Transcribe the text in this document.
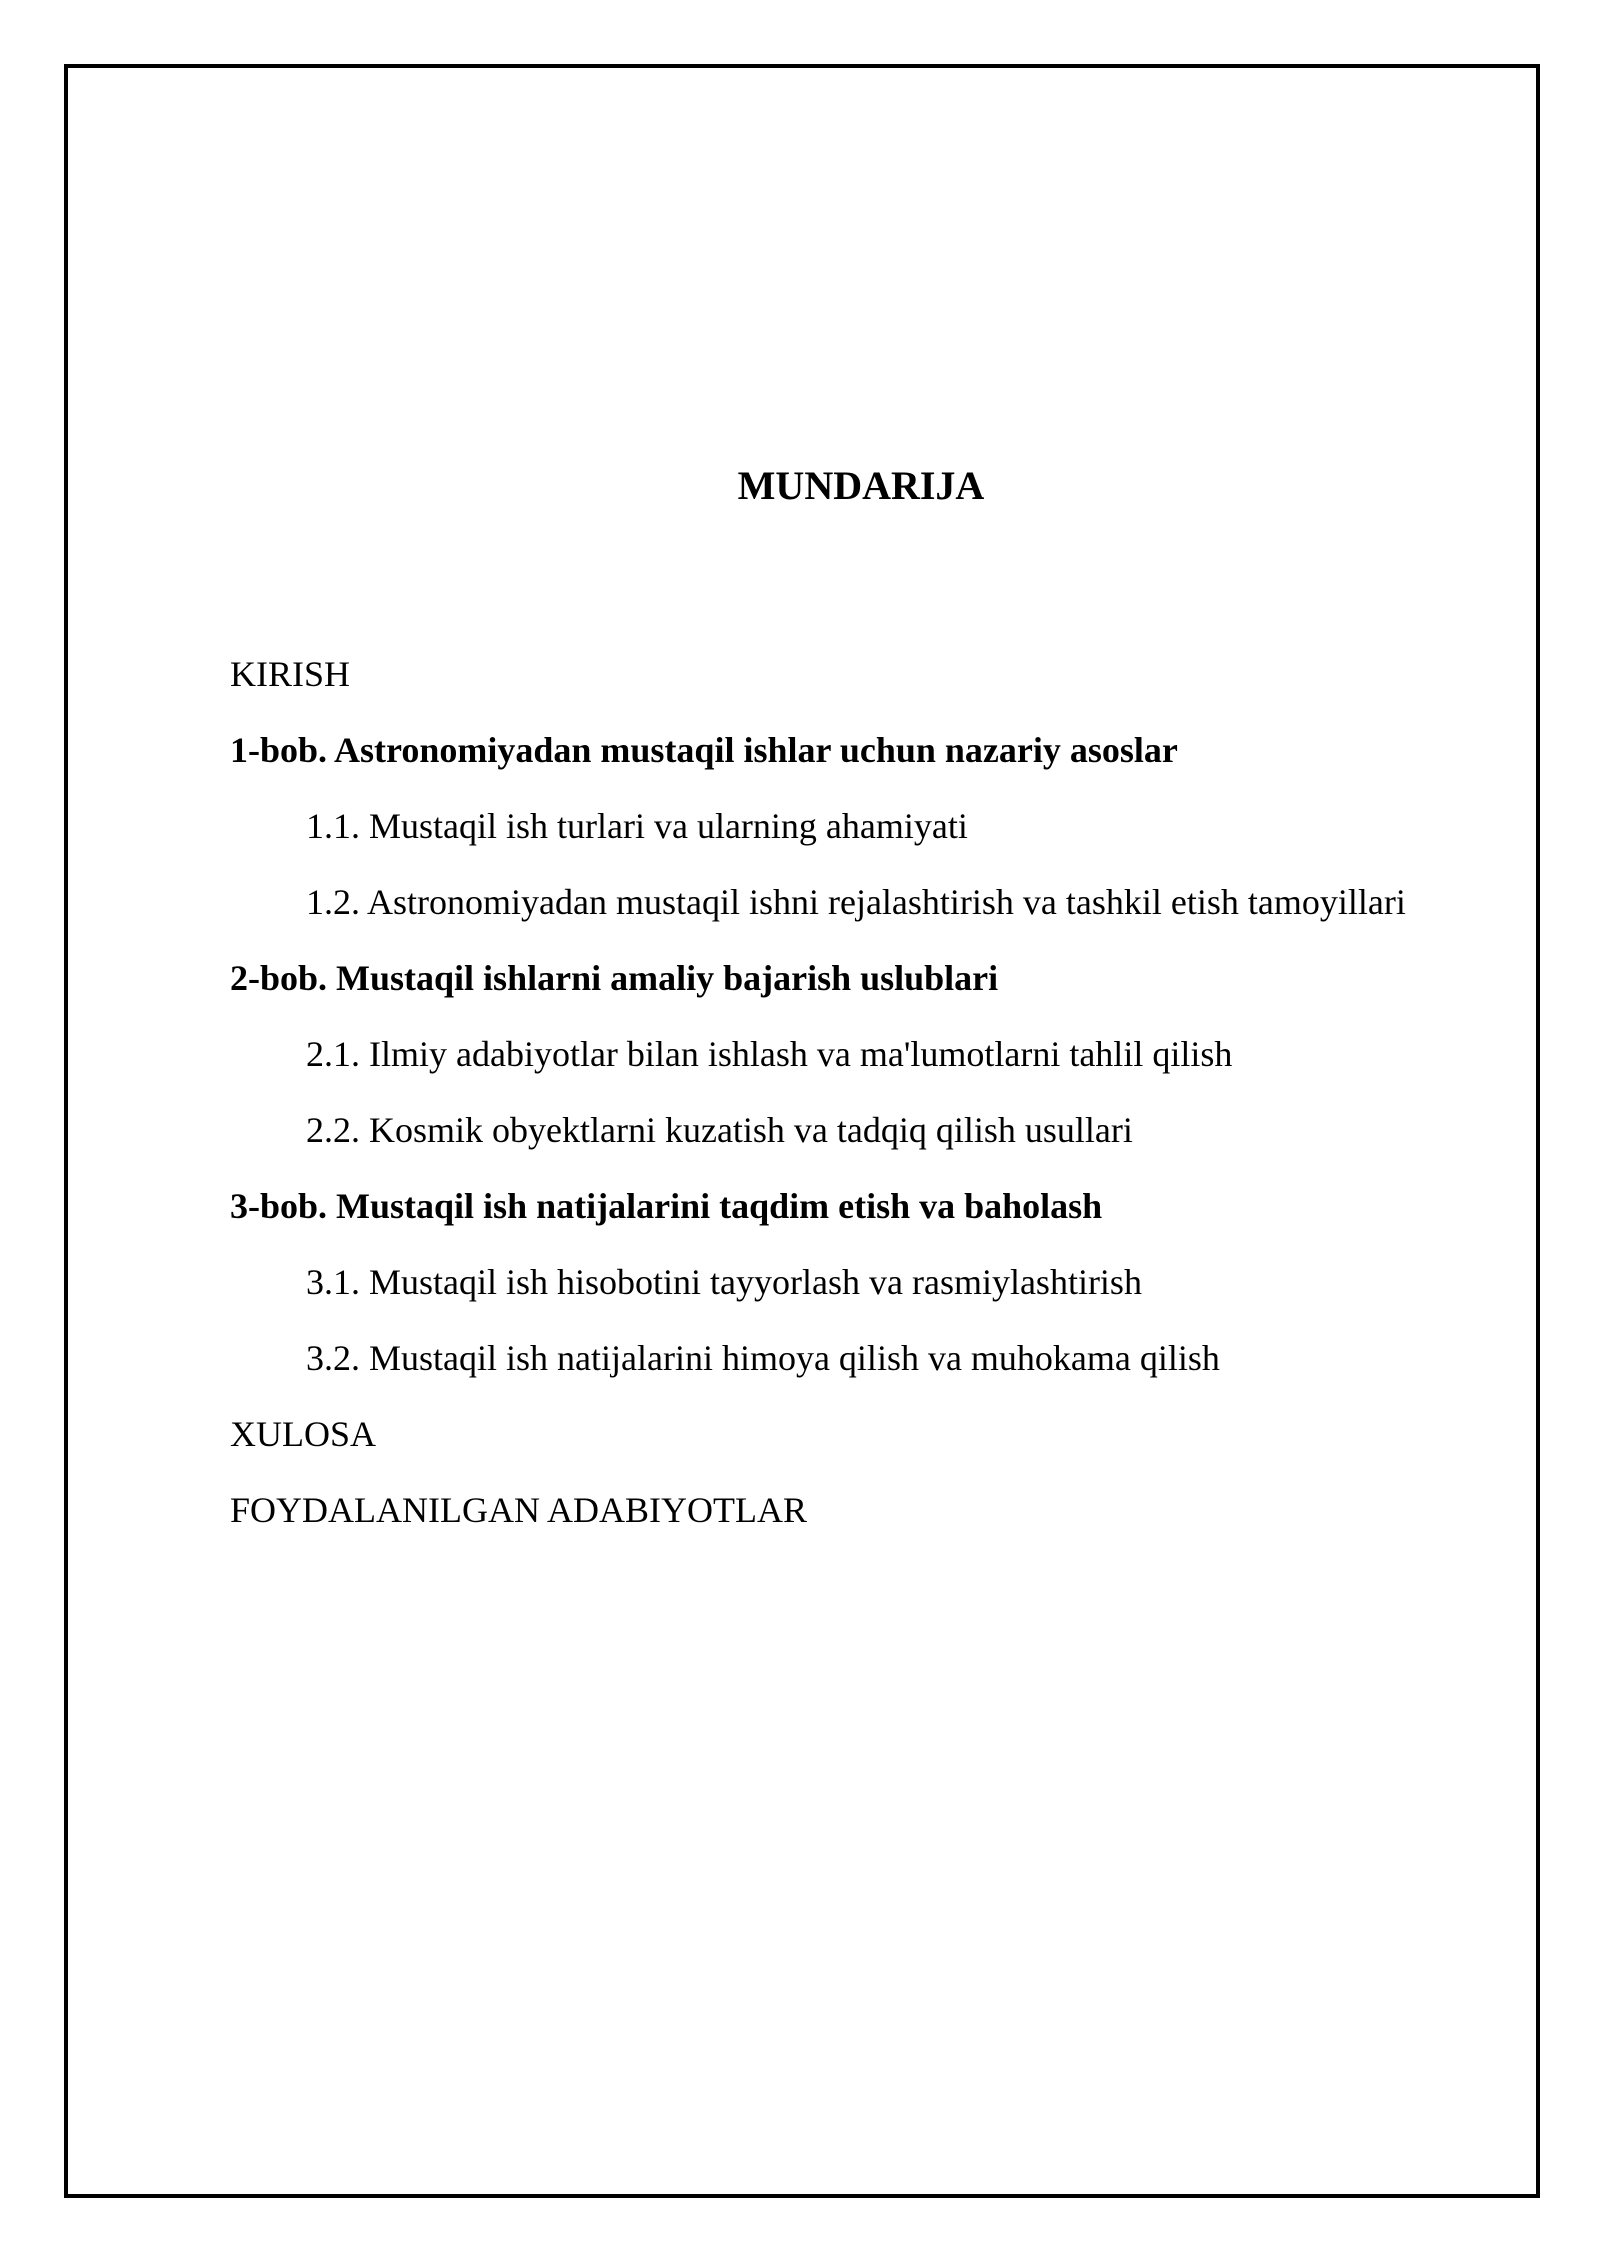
MUNDARIJA
KIRISH
1-bob. Astronomiyadan mustaqil ishlar uchun nazariy asoslar
1.1. Mustaqil ish turlari va ularning ahamiyati
1.2. Astronomiyadan mustaqil ishni rejalashtirish va tashkil etish tamoyillari
2-bob. Mustaqil ishlarni amaliy bajarish uslublari
2.1. Ilmiy adabiyotlar bilan ishlash va ma'lumotlarni tahlil qilish
2.2. Kosmik obyektlarni kuzatish va tadqiq qilish usullari
3-bob. Mustaqil ish natijalarini taqdim etish va baholash
3.1. Mustaqil ish hisobotini tayyorlash va rasmiylashtirish
3.2. Mustaqil ish natijalarini himoya qilish va muhokama qilish
XULOSA
FOYDALANILGAN ADABIYOTLAR
